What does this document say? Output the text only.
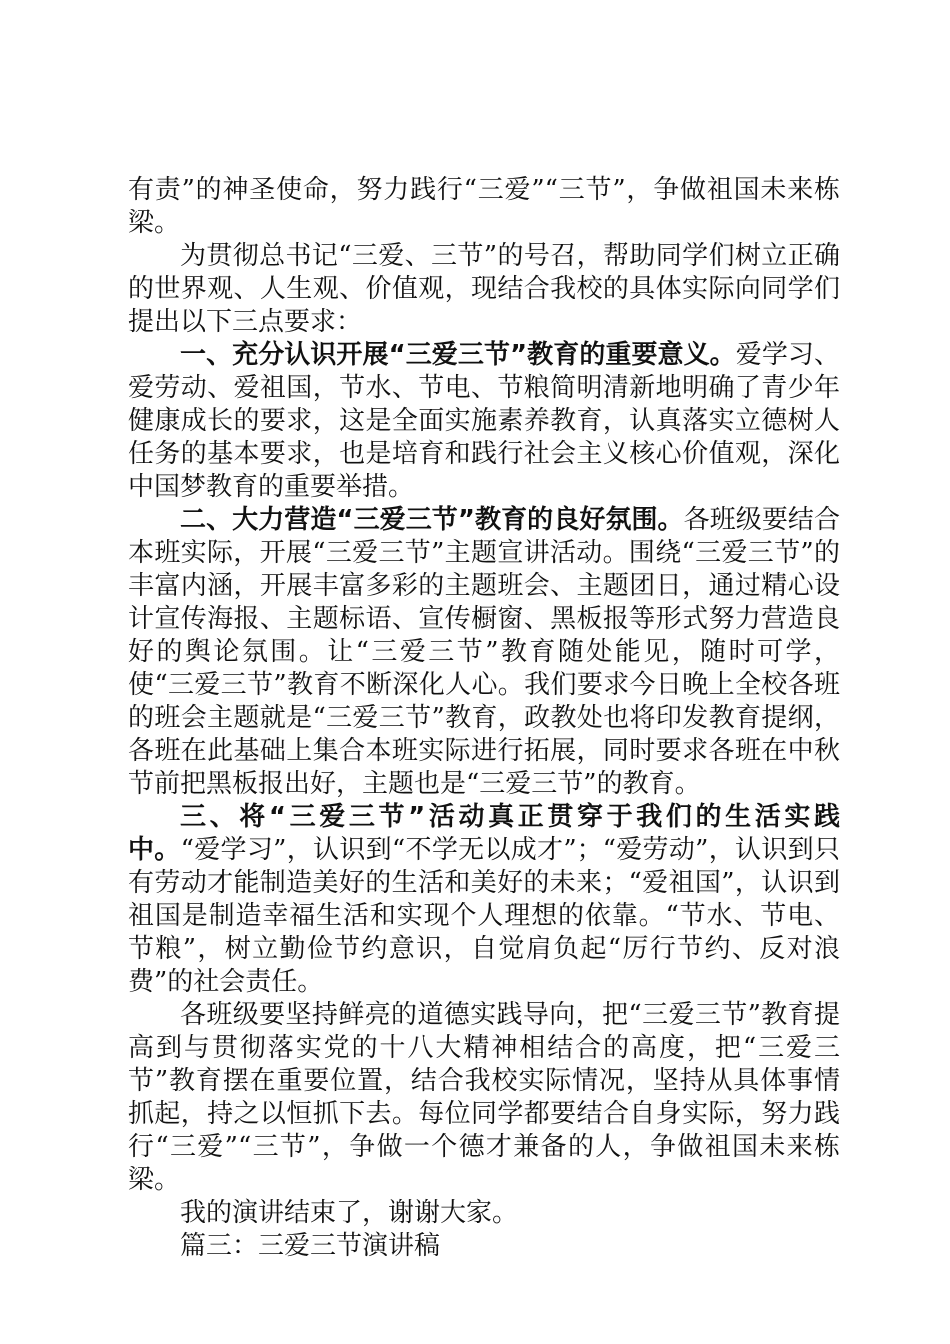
有责”的神圣使命，努力践行“三爱”“三节”，争做祖国未来栋梁。

为贯彻总书记“三爱、三节”的号召，帮助同学们树立正确的世界观、人生观、价值观，现结合我校的具体实际向同学们提出以下三点要求：

一、充分认识开展“三爱三节”教育的重要意义。爱学习、爱劳动、爱祖国，节水、节电、节粮简明清新地明确了青少年健康成长的要求，这是全面实施素养教育，认真落实立德树人任务的基本要求，也是培育和践行社会主义核心价值观，深化中国梦教育的重要举措。

二、大力营造“三爱三节”教育的良好氛围。各班级要结合本班实际，开展“三爱三节”主题宣讲活动。围绕“三爱三节”的丰富内涵，开展丰富多彩的主题班会、主题团日，通过精心设计宣传海报、主题标语、宣传橱窗、黑板报等形式努力营造良好的舆论氛围。让“三爱三节”教育随处能见，随时可学，使“三爱三节”教育不断深化人心。我们要求今日晚上全校各班的班会主题就是“三爱三节”教育，政教处也将印发教育提纲，各班在此基础上集合本班实际进行拓展，同时要求各班在中秋节前把黑板报出好，主题也是“三爱三节”的教育。

三、将“三爱三节”活动真正贯穿于我们的生活实践中。“爱学习”，认识到“不学无以成才”；“爱劳动”，认识到只有劳动才能制造美好的生活和美好的未来；“爱祖国”，认识到祖国是制造幸福生活和实现个人理想的依靠。“节水、节电、节粮”，树立勤俭节约意识，自觉肩负起“厉行节约、反对浪费”的社会责任。

各班级要坚持鲜亮的道德实践导向，把“三爱三节”教育提高到与贯彻落实党的十八大精神相结合的高度，把“三爱三节”教育摆在重要位置，结合我校实际情况，坚持从具体事情抓起，持之以恒抓下去。每位同学都要结合自身实际，努力践行“三爱”“三节”，争做一个德才兼备的人，争做祖国未来栋梁。

我的演讲结束了，谢谢大家。

篇三：三爱三节演讲稿
